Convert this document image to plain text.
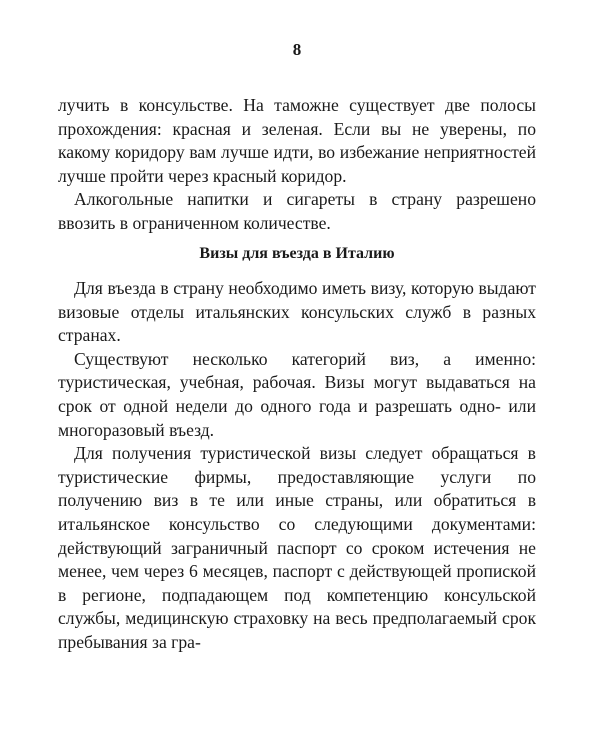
8

лучить в консульстве. На таможне существует две полосы прохождения: красная и зеленая. Если вы не уверены, по какому коридору вам лучше идти, во избежание неприятностей лучше пройти через красный коридор.

Алкогольные напитки и сигареты в страну разрешено ввозить в ограниченном количестве.

Визы для въезда в Италию

Для въезда в страну необходимо иметь визу, которую выдают визовые отделы итальянских консульских служб в разных странах.

Существуют несколько категорий виз, а именно: туристическая, учебная, рабочая. Визы могут выдаваться на срок от одной недели до одного года и разрешать одно- или многоразовый въезд.

Для получения туристической визы следует обращаться в туристические фирмы, предоставляющие услуги по получению виз в те или иные страны, или обратиться в итальянское консульство со следующими документами: действующий заграничный паспорт со сроком истечения не менее, чем через 6 месяцев, паспорт с действующей пропиской в регионе, подпадающем под компетенцию консульской службы, медицинскую страховку на весь предполагаемый срок пребывания за гра-
